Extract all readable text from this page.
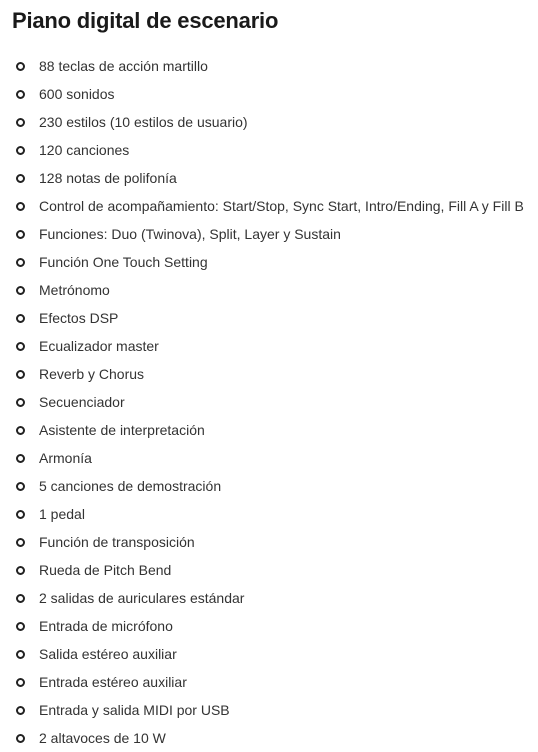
Piano digital de escenario
88 teclas de acción martillo
600 sonidos
230 estilos (10 estilos de usuario)
120 canciones
128 notas de polifonía
Control de acompañamiento: Start/Stop, Sync Start, Intro/Ending, Fill A y Fill B
Funciones: Duo (Twinova), Split, Layer y Sustain
Función One Touch Setting
Metrónomo
Efectos DSP
Ecualizador master
Reverb y Chorus
Secuenciador
Asistente de interpretación
Armonía
5 canciones de demostración
1 pedal
Función de transposición
Rueda de Pitch Bend
2 salidas de auriculares estándar
Entrada de micrófono
Salida estéreo auxiliar
Entrada estéreo auxiliar
Entrada y salida MIDI por USB
2 altavoces de 10 W
